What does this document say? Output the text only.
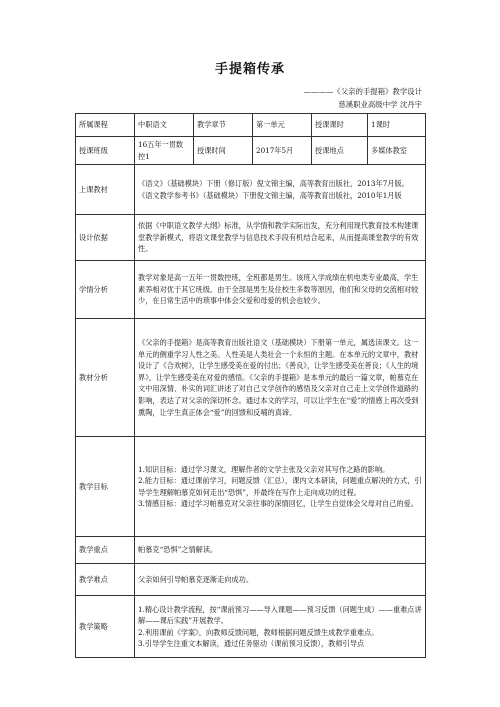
手提箱传承
————《父亲的手提箱》教学设计
慈溪职业高级中学 沈丹宇
所属课程	中职语文	教学章节	第一单元	授课课时	1课时
授课班级	16五年一贯数控1	授课时间	2017年5月	授课地点	多媒体教室
上课教材	《语文》（基础模块）下册（修订版）倪文锦主编，高等教育出版社，2013年7月版。

《语文教学参考书》（基础模块）下册倪文锦主编，高等教育出版社，2010年1月版				

设计依据	依据《中职语文教学大纲》标准，从学情和教学实际出发，充分利用现代教育技术构建课堂教学新模式，将语文课堂教学与信息技术手段有机结合起来，从而提高课堂教学的有效性。				
学情分析	教学对象是高一五年一贯数控班，全班都是男生。该班入学成绩在机电类专业最高，学生素养相对优于其它班级。由于全部是男生及住校生多数等原因，他们和父母的交流相对较少，在日常生活中的琐事中体会父爱和母爱的机会也较少。				
教材分析	《父亲的手提箱》是高等教育出版社语文（基础模块）下册第一单元，属选读课文。这一单元的侧重学习人性之美。人性美是人类社会一个永恒的主题。在本单元的文章中，教材设计了《合欢树》，让学生感受美在爱的付出；《善良》，让学生感受美在善良；《人生的境界》，让学生感受美在对爱的感悟。《父亲的手提箱》是本单元的最后一篇文章，帕慕克在文中用深情、朴实的词汇讲述了对自己文学创作的感悟及父亲对自己走上文学创作道路的影响，表达了对父亲的深切怀念。通过本文的学习，可以让学生在“爱”的情感上再次受到熏陶，让学生真正体会“爱”的回馈和反哺的真谛。				
教学目标	1.知识目标：通过学习课文，理解作者的文学主张及父亲对其写作之路的影响。

2.能力目标：通过课前学习，问题反馈（汇总），课内文本研读，问题重点解决的方式，引导学生理解帕慕克如何走出“恐惧”，并最终在写作上走向成功的过程。

3.情感目标：通过学习帕慕克对父亲往事的深情回忆，让学生自觉体会父母对自己的爱。				

教学重点	帕慕克“恐惧”之情解读。				
教学难点	父亲如何引导帕慕克逐渐走向成功。				
教学策略	1.精心设计教学流程，按“课前预习——导入课题——预习反馈（问题生成）——重难点讲解——课后实践”开展教学。

2.利用课前《学案》，向教师反馈问题，教师根据问题反馈生成教学重难点。

3.引导学生注重文本解读，通过任务驱动（课前预习反馈），教师引导点				
